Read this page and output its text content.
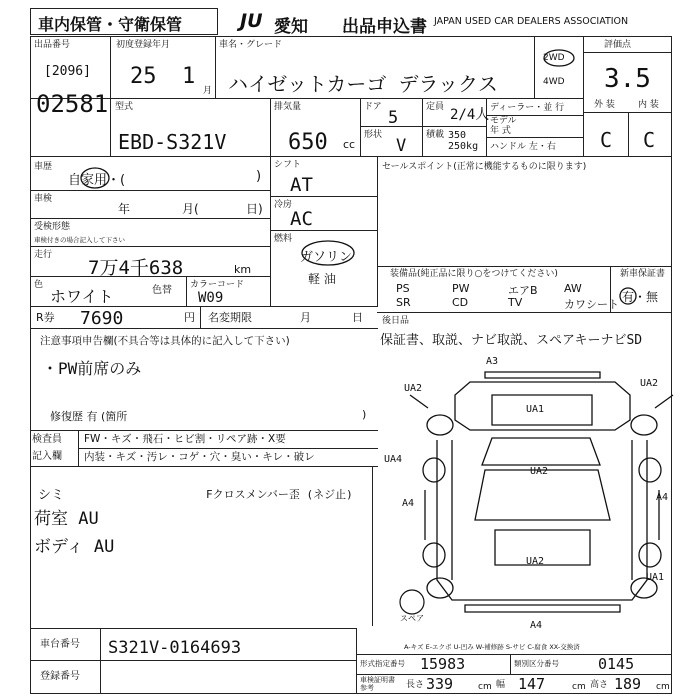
車内保管・守衛保管	JU 愛知 出品申込書 JAPAN USED CAR DEALERS ASSOCIATION
出品番号
[2096]
02581
初度登録年月
25 1
月
車名・グレード
ハイゼットカーゴ デラックス
2WD
4WD
評価点
3.5
型式
EBD-S321V
排気量
650 cc
ドア
5
形状
V
定員 2/4人
積載 350
250kg
ディーラー・並 行
モデル
年 式
ハンドル 左・右
外 装	内 装
C C
車歴
自家用・(	)
車検
年	月(	日)
受検形態
車検付きの場合記入して下さい
走行
7万4千638	km
色
ホワイト	色替 カラーコード
W09
シフト
AT
冷房
AC
燃料
ガソリン
軽 油
セールスポイント(正常に機能するものに限ります)
R券 7690	円 名変期限	月	日
注意事項申告欄(不具合等は具体的に記入して下さい)
・PW前席のみ
修復歴 有 (箇所	)
装備品(純正品に限り○をつけてください)	新車保証書
有・無
PS	PW	エアB AW
SR	CD	TV	カワシート
後日品
保証書、取説、ナビ取説、スペアキーナビSD
検査員
記入欄
FW・キズ・飛石・ヒビ割・リペア跡・X要
内装・キズ・汚レ・コゲ・穴・臭い・キレ・破レ
シミ
荷室 AU
ボディ AU
Fクロスメンバー歪 (ネジ止)
車台番号 S321V-0164693
登録番号
A-キズ E-エクボ U-凹み W-補修跡 S-サビ C-腐食 XX-交換済
形式指定番号 15983	類別区分番号	0145
車検証明書
参考	長さ 339	cm 幅 147	cm 高さ 189 cm
スペア
A3
UA2	UA2
UA1
UA4
UA2
A4
A4
UA2
UA1
A4
